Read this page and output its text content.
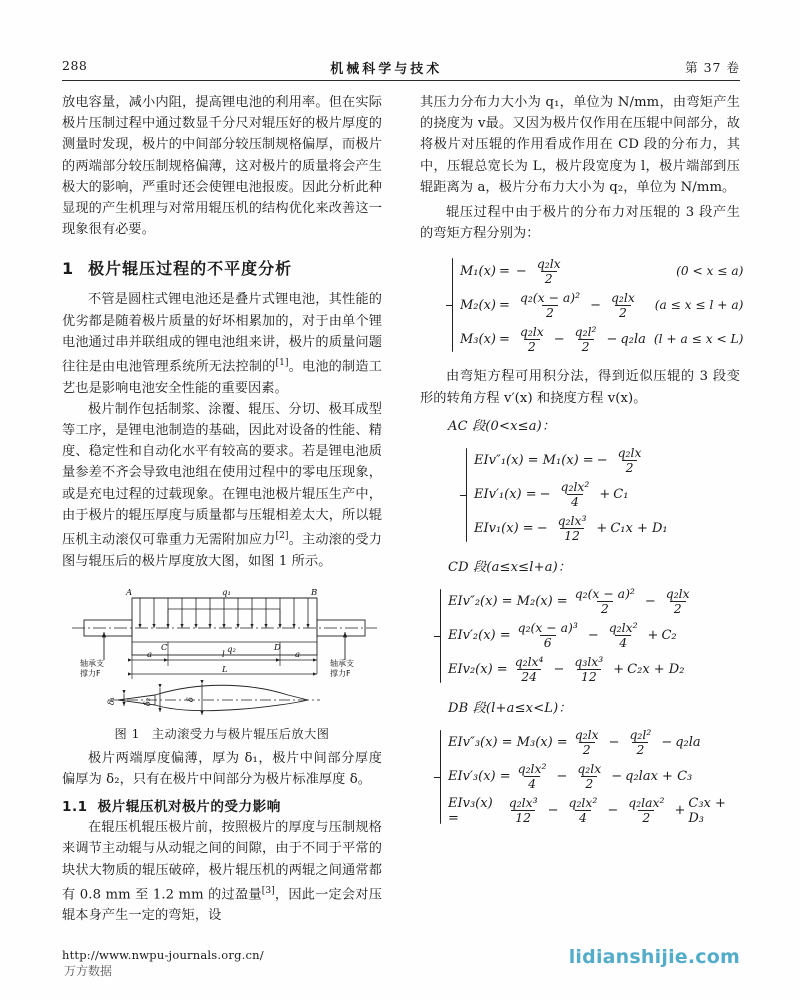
288	机械科学与技术	第 37 卷

放电容量，减小内阻，提高锂电池的利用率。但在实际极片压制过程中通过数显千分尺对辊压好的极片厚度的测量时发现，极片的中间部分较压制规格偏厚，而极片的两端部分较压制规格偏薄，这对极片的质量将会产生极大的影响，严重时还会使锂电池报废。因此分析此种显现的产生机理与对常用辊压机的结构优化来改善这一现象很有必要。

1 极片辊压过程的不平度分析

不管是圆柱式锂电池还是叠片式锂电池，其性能的优劣都是随着极片质量的好坏相累加的，对于由单个锂电池通过串并联组成的锂电池组来讲，极片的质量问题往往是由电池管理系统所无法控制的[1]。电池的制造工艺也是影响电池安全性能的重要因素。

极片制作包括制浆、涂覆、辊压、分切、极耳成型等工序，是锂电池制造的基础，因此对设备的性能、精度、稳定性和自动化水平有较高的要求。若是锂电池质量参差不齐会导致电池组在使用过程中的零电压现象，或是充电过程的过载现象。在锂电池极片辊压生产中，由于极片的辊压厚度与质量都与压辊相差太大，所以辊压机主动滚仅可靠重力无需附加应力[2]。主动滚的受力图与辊压后的极片厚度放大图，如图 1 所示。

A	B
q₁
C	D
q₂
a	l	a
L
轴承支
撑力F
轴承支
撑力F
δ₁	δ₂	δ
图 1 主动滚受力与极片辊压后放大图

极片两端厚度偏薄，厚为 δ₁，极片中间部分厚度偏厚为 δ₂，只有在极片中间部分为极片标准厚度 δ。

1.1 极片辊压机对极片的受力影响

在辊压机辊压极片前，按照极片的厚度与压制规格来调节主动辊与从动辊之间的间隙，由于不同于平常的块状大物质的辊压破碎，极片辊压机的两辊之间通常都有 0.8 mm 至 1.2 mm 的过盈量[3]，因此一定会对压辊本身产生一定的弯矩，设

其压力分布力大小为 q₁，单位为 N/mm，由弯矩产生的挠度为 v最。又因为极片仅作用在压辊中间部分，故将极片对压辊的作用看成作用在 CD 段的分布力，其中，压辊总宽长为 L，极片段宽度为 l，极片端部到压辊距离为 a，极片分布力大小为 q₂，单位为 N/mm。

辊压过程中由于极片的分布力对压辊的 3 段产生的弯矩方程分别为：

M₁(x) = − $\frac{\text{q₂lx}}{2}$	(0 < x ≤ a)
$M_2(x) = \frac{\text{q₂(x − a)²}}{2} - \frac{\text{q₂lx}}{2} (a \le x \le l + a)$
$M_3(x) = \frac{\text{q₂lx}}{2} - \frac{\text{q₂l²}}{2} - q_2la$ (l + a ≤ x < L)

由弯矩方程可用积分法，得到近似压辊的 3 段变形的转角方程 v′(x) 和挠度方程 v(x)。

AC 段(0<x≤a)：
EIv″₁(x) = M₁(x) = − $\frac{\text{q₂lx}}{2}$
EIv′₁(x) = − $\frac{\text{q₂lx²}}{4} + C_1$
EIv₁(x) = − $\frac{\text{q₂lx³}}{12} + C_1x + D_1$
CD 段(a≤x≤l+a)：
$EIv''_2(x) = M_2(x) = \frac{\text{q₂(x − a)²}}{2} - \frac{\text{q₂lx}}{2}$
$EIv'_2(x) = \frac{\text{q₂(x − a)³}}{6} - \frac{\text{q₂lx²}}{4} + C_2$
$EIv_2(x) = \frac{\text{q₂lx⁴}}{24} - \frac{\text{q₃lx³}}{12} + C_2x + D_2$
DB 段(l+a≤x<L)：
$EIv''_3(x) = M_3(x) = \frac{\text{q₂lx}}{2} - \frac{\text{q₂l²}}{2} - q_2la$
$EIv'_3(x) = \frac{\text{q₂lx²}}{4} - \frac{\text{q₂lx}}{2} - q_2lax + C_3$
EIv₃(x) =	$\frac{\text{q₂lx³}}{12} - \frac{\text{q₂lx²}}{4} - \frac{\text{q₂lax²}}{2} + C_3x + D_3$
http://www.nwpu-journals.org.cn/
万方数据
lidianshijie.com
